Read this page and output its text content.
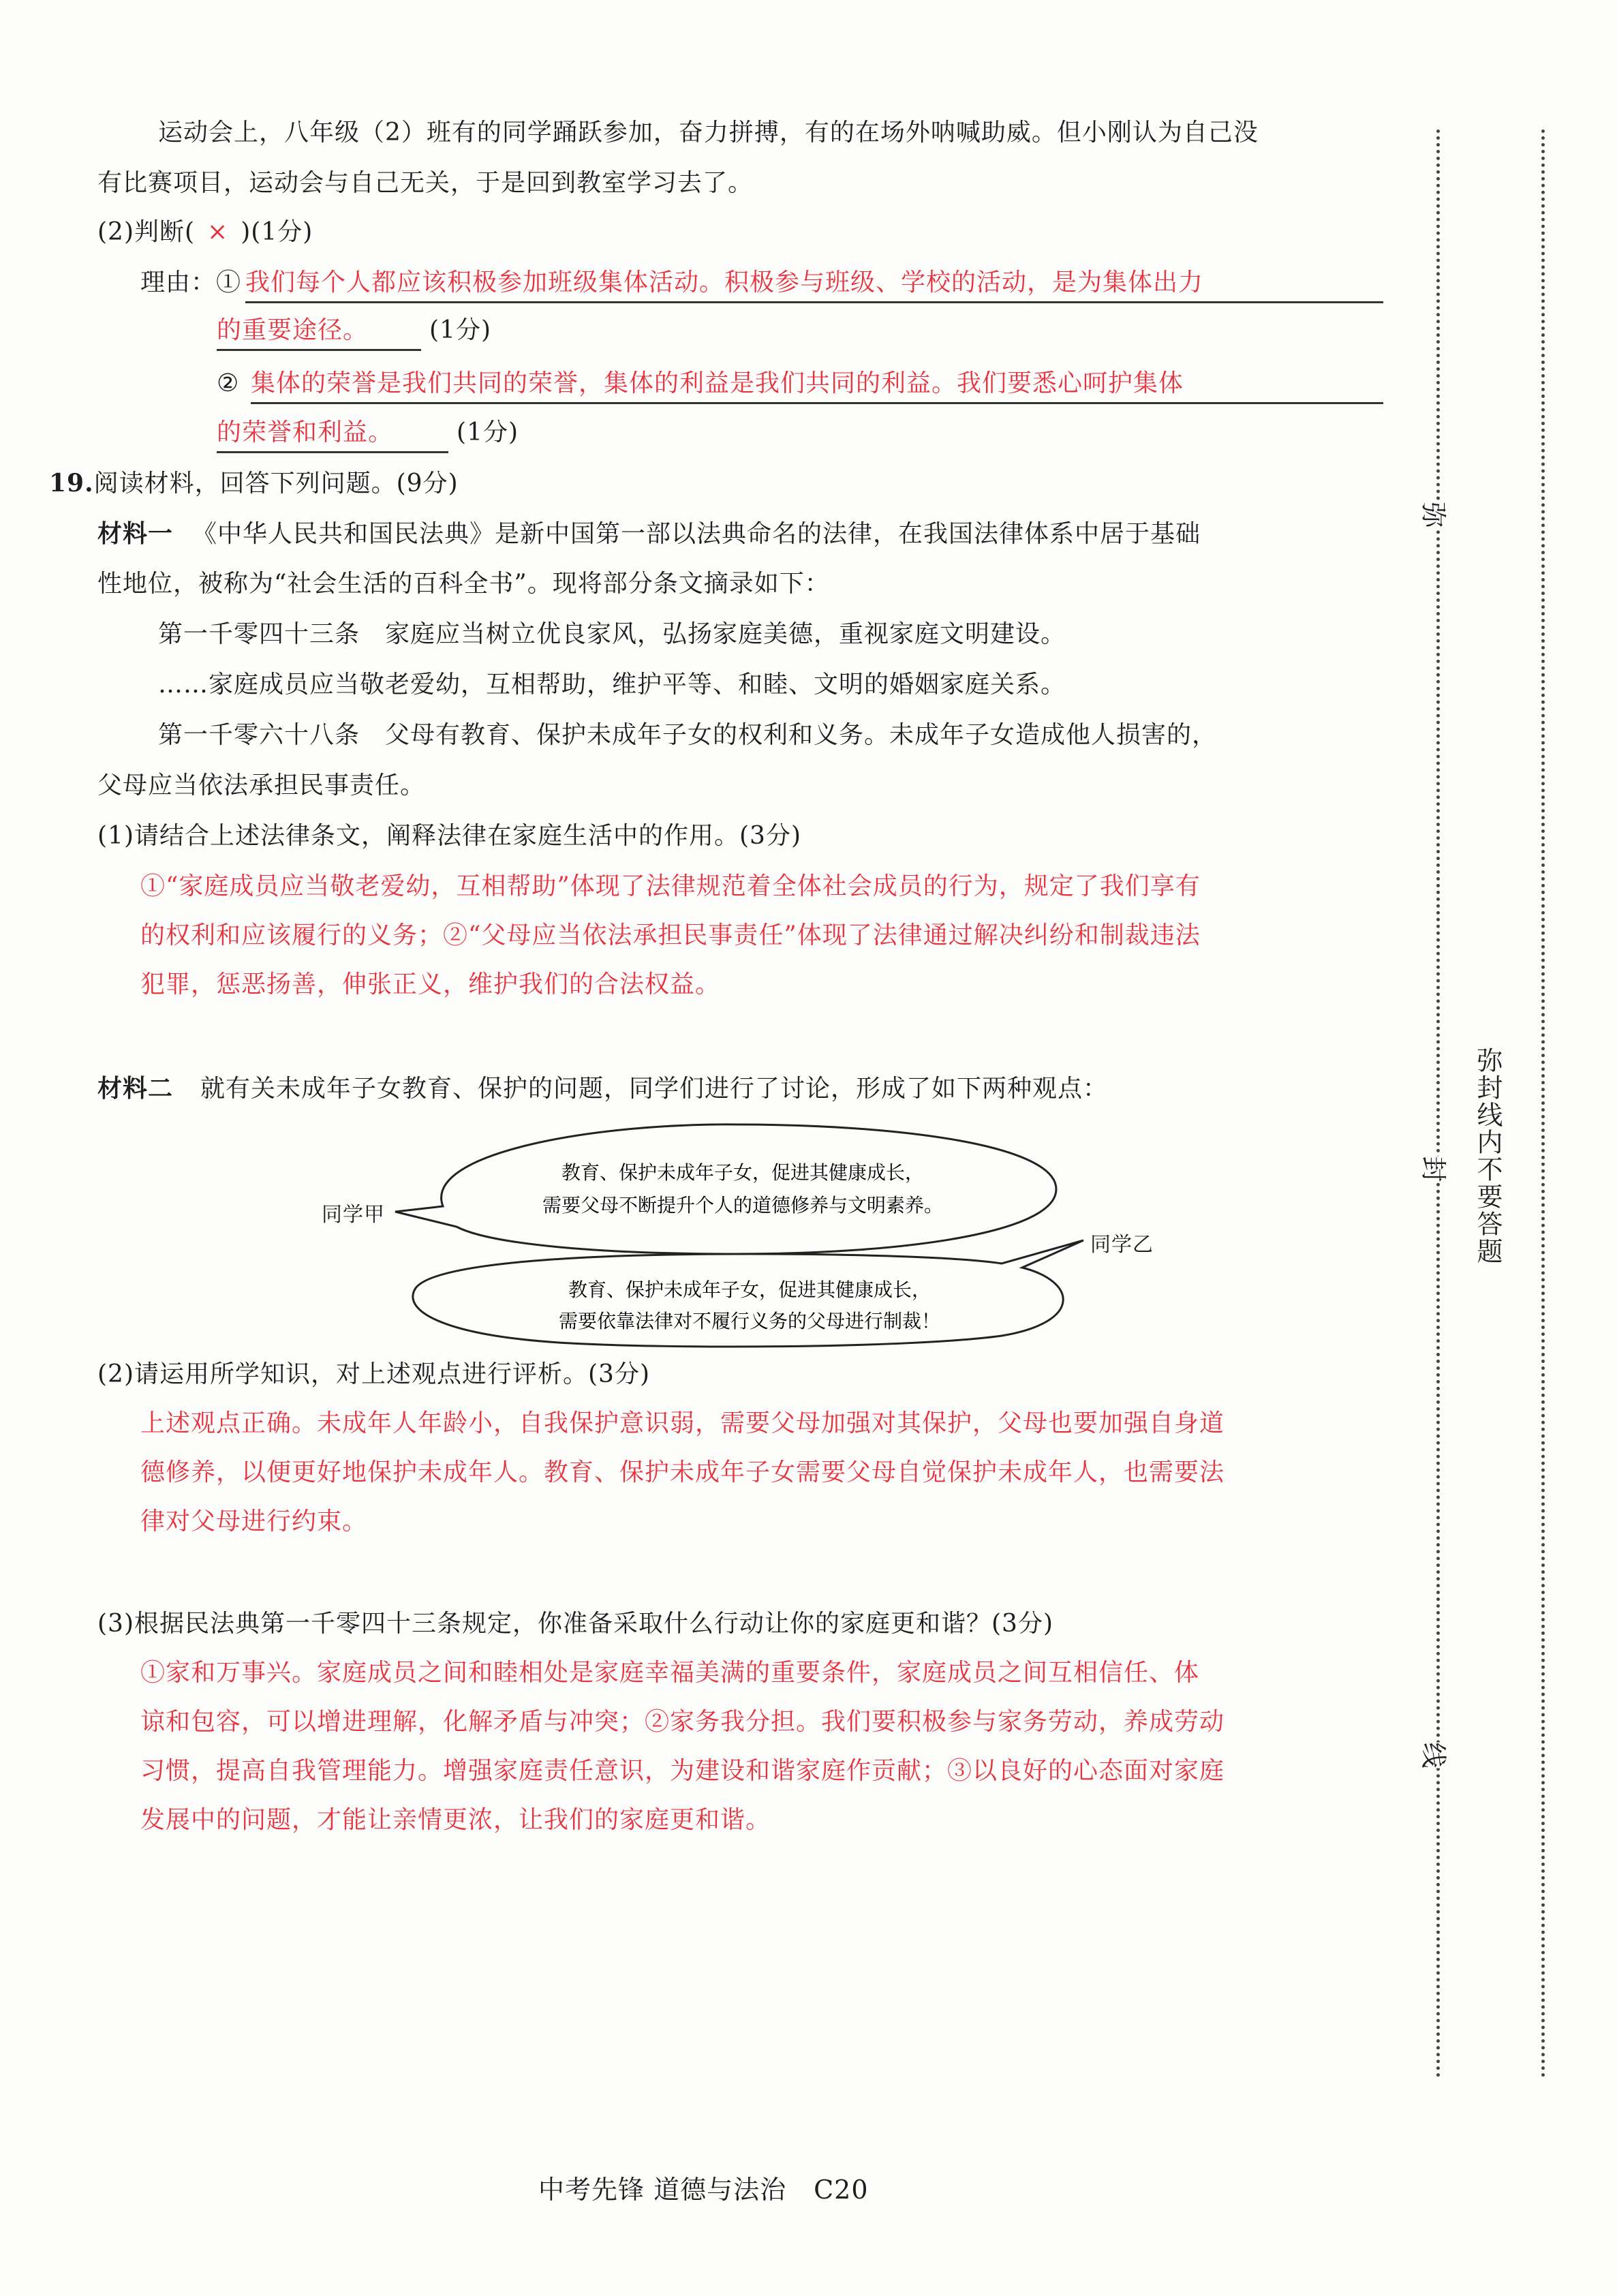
运动会上，八年级（2）班有的同学踊跃参加，奋力拼搏，有的在场外呐喊助威。但小刚认为自己没
有比赛项目，运动会与自己无关，于是回到教室学习去了。
(2)判断( × )(1分)
理由：① 我们每个人都应该积极参加班级集体活动。积极参与班级、学校的活动，是为集体出力
的重要途径。 (1分)
② 集体的荣誉是我们共同的荣誉，集体的利益是我们共同的利益。我们要悉心呵护集体
的荣誉和利益。	(1分)
19.阅读材料，回答下列问题。(9分)
材料一 《中华人民共和国民法典》是新中国第一部以法典命名的法律，在我国法律体系中居于基础
性地位，被称为“社会生活的百科全书”。现将部分条文摘录如下：
第一千零四十三条　家庭应当树立优良家风，弘扬家庭美德，重视家庭文明建设。
……家庭成员应当敬老爱幼，互相帮助，维护平等、和睦、文明的婚姻家庭关系。
第一千零六十八条　父母有教育、保护未成年子女的权利和义务。未成年子女造成他人损害的，
父母应当依法承担民事责任。
(1)请结合上述法律条文，阐释法律在家庭生活中的作用。(3分)
①“家庭成员应当敬老爱幼，互相帮助”体现了法律规范着全体社会成员的行为，规定了我们享有
的权利和应该履行的义务；②“父母应当依法承担民事责任”体现了法律通过解决纠纷和制裁违法
犯罪，惩恶扬善，伸张正义，维护我们的合法权益。
材料二 就有关未成年子女教育、保护的问题，同学们进行了讨论，形成了如下两种观点：
教育、保护未成年子女，促进其健康成长，
需要父母不断提升个人的道德修养与文明素养。
教育、保护未成年子女，促进其健康成长，
需要依靠法律对不履行义务的父母进行制裁！
同学甲
同学乙
(2)请运用所学知识，对上述观点进行评析。(3分)
上述观点正确。未成年人年龄小，自我保护意识弱，需要父母加强对其保护，父母也要加强自身道
德修养，以便更好地保护未成年人。教育、保护未成年子女需要父母自觉保护未成年人，也需要法
律对父母进行约束。
(3)根据民法典第一千零四十三条规定，你准备采取什么行动让你的家庭更和谐？(3分)
①家和万事兴。家庭成员之间和睦相处是家庭幸福美满的重要条件，家庭成员之间互相信任、体
谅和包容，可以增进理解，化解矛盾与冲突；②家务我分担。我们要积极参与家务劳动，养成劳动
习惯，提高自我管理能力。增强家庭责任意识，为建设和谐家庭作贡献；③以良好的心态面对家庭
发展中的问题，才能让亲情更浓，让我们的家庭更和谐。
弥
封
线
弥封线内不要答题
中考先锋 道德与法治 C20
